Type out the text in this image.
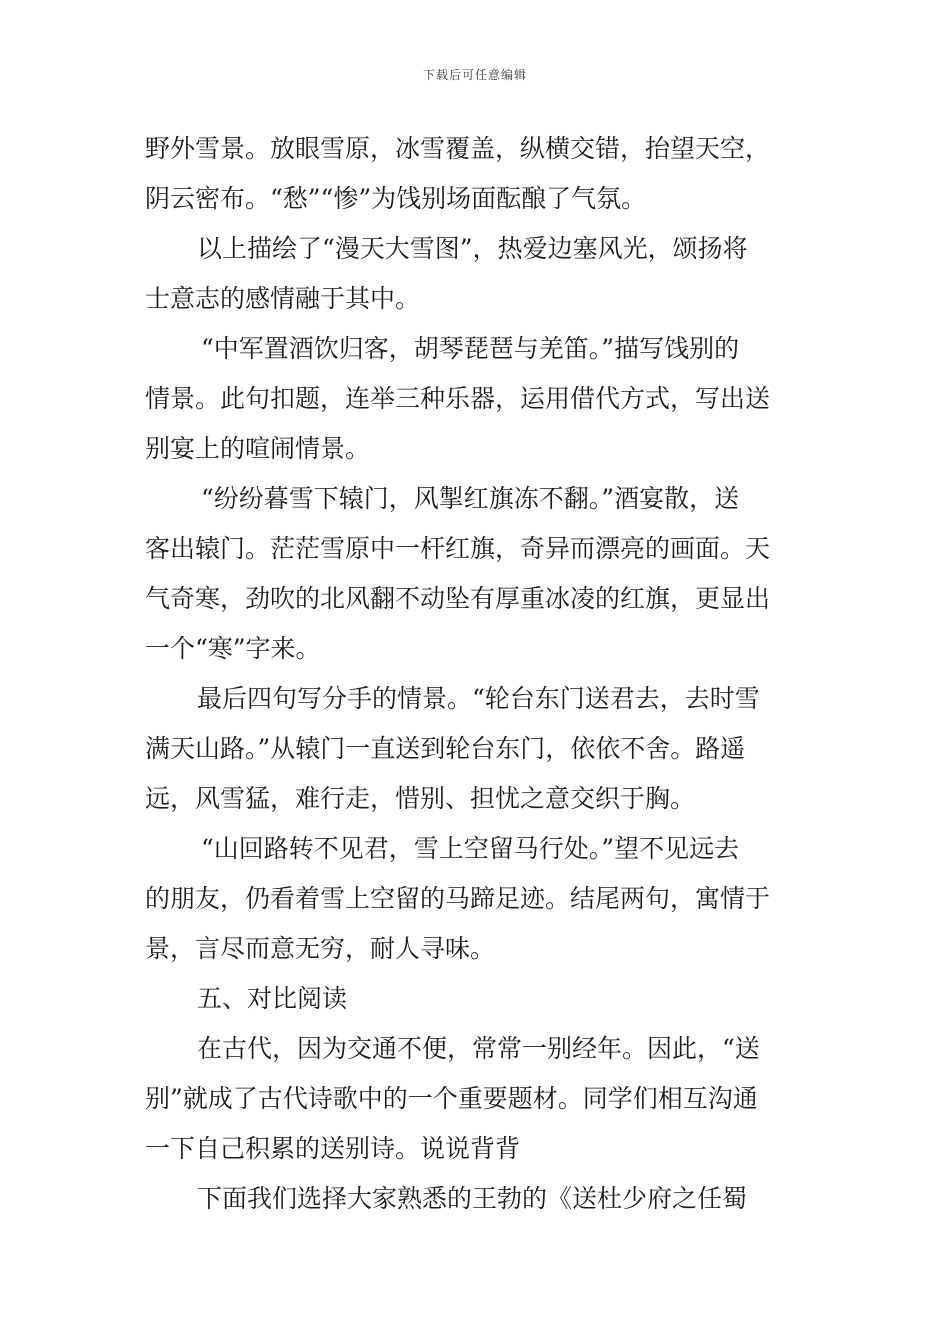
下载后可任意编辑
野外雪景。放眼雪原，冰雪覆盖，纵横交错，抬望天空，
阴云密布。“愁”“惨”为饯别场面酝酿了气氛。
以上描绘了“漫天大雪图”，热爱边塞风光，颂扬将
士意志的感情融于其中。
“中军置酒饮归客，胡琴琵琶与羌笛。”描写饯别的
情景。此句扣题，连举三种乐器，运用借代方式，写出送
别宴上的喧闹情景。
“纷纷暮雪下辕门，风掣红旗冻不翻。”酒宴散，送
客出辕门。茫茫雪原中一杆红旗，奇异而漂亮的画面。天
气奇寒，劲吹的北风翻不动坠有厚重冰凌的红旗，更显出
一个“寒”字来。
最后四句写分手的情景。“轮台东门送君去，去时雪
满天山路。”从辕门一直送到轮台东门，依依不舍。路遥
远，风雪猛，难行走，惜别、担忧之意交织于胸。
“山回路转不见君，雪上空留马行处。”望不见远去
的朋友，仍看着雪上空留的马蹄足迹。结尾两句，寓情于
景，言尽而意无穷，耐人寻味。
五、对比阅读
在古代，因为交通不便，常常一别经年。因此，“送
别”就成了古代诗歌中的一个重要题材。同学们相互沟通
一下自己积累的送别诗。说说背背
下面我们选择大家熟悉的王勃的《送杜少府之任蜀
